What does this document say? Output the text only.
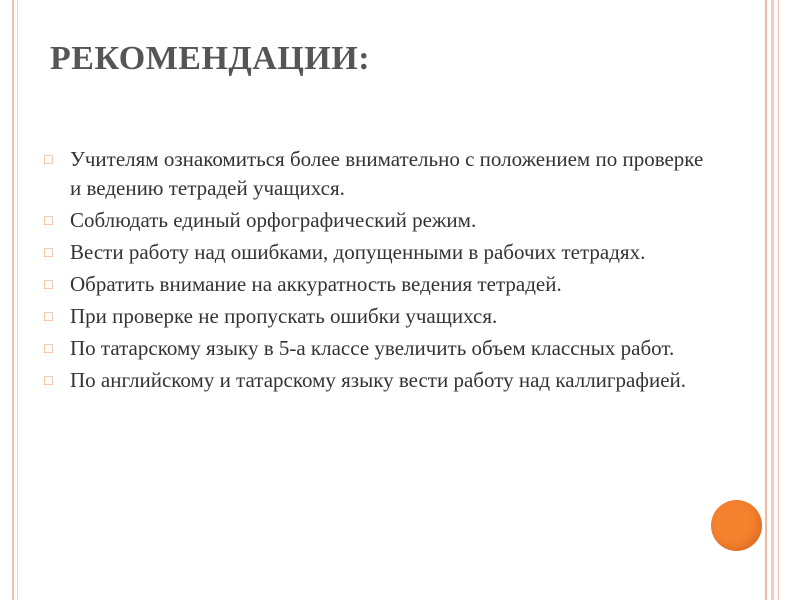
РЕКОМЕНДАЦИИ:
□ Учителям ознакомиться более внимательно с положением по проверке и ведению тетрадей учащихся.
□ Соблюдать единый орфографический режим.
□ Вести работу над ошибками, допущенными в рабочих тетрадях.
□ Обратить внимание на аккуратность ведения тетрадей.
□ При проверке не пропускать ошибки учащихся.
□ По татарскому языку в 5-а классе увеличить объем классных работ.
□ По английскому и татарскому языку вести работу над каллиграфией.
